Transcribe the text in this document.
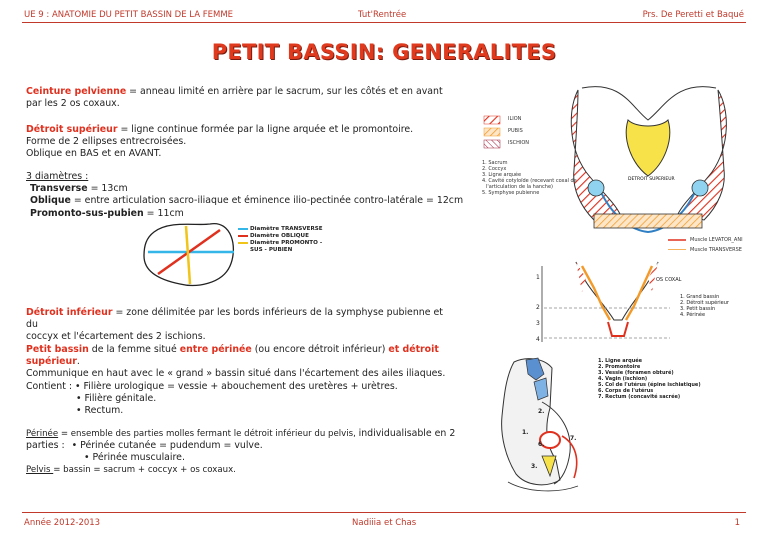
UE 9 : ANATOMIE DU PETIT BASSIN DE LA FEMME	Tut'Rentrée	Prs. De Peretti et Baqué
PETIT BASSIN: GENERALITES
Ceinture pelvienne = anneau limité en arrière par le sacrum, sur les côtés et en avant
par les 2 os coxaux.
Détroit supérieur = ligne continue formée par la ligne arquée et le promontoire.
Forme de 2 ellipses entrecroisées.
Oblique en BAS et en AVANT.
3 diamètres :
Transverse = 13cm
Oblique = entre articulation sacro-iliaque et éminence ilio-pectinée contro-latérale = 12cm
Promonto-sus-pubien = 11cm
Diamètre TRANSVERSE
Diamètre OBLIQUE
Diamètre PROMONTO -
SUS - PUBIEN
Détroit inférieur = zone délimitée par les bords inférieurs de la symphyse pubienne et du
coccyx et l'écartement des 2 ischions.
Petit bassin de la femme situé entre périnée (ou encore détroit inférieur) et détroit
supérieur.
Communique en haut avec le « grand » bassin situé dans l'écartement des ailes iliaques.
Contient : • Filière urologique = vessie + abouchement des uretères + urètres.
• Filière génitale.
• Rectum.
Périnée = ensemble des parties molles fermant le détroit inférieur du pelvis, individualisable en 2
parties : • Périnée cutanée = pudendum = vulve.
• Périnée musculaire.
Pelvis = bassin = sacrum + coccyx + os coxaux.
DETROIT SUPERIEUR
ILION
PUBIS
ISCHION
1. Sacrum
2. Coccyx
3. Ligne arquée
4. Cavité cotyloïde (recevant coxal de
l'articulation de la hanche)
5. Symphyse pubienne
Muscle LEVATOR_ANI
Muscle TRANSVERSE
1
2
3
4
OS COXAL
1. Grand bassin
2. Détroit supérieur
3. Petit bassin
4. Périnée
1.
2.
3.
6.
7.
1. Ligne arquée
2. Promontoire
3. Vessie (foramen obturé)
4. Vagin (ischion)
5. Col de l'utérus (épine ischiatique)
6. Corps de l'utérus
7. Rectum (concavité sacrée)
Année 2012-2013	Nadiiia et Chas	1
